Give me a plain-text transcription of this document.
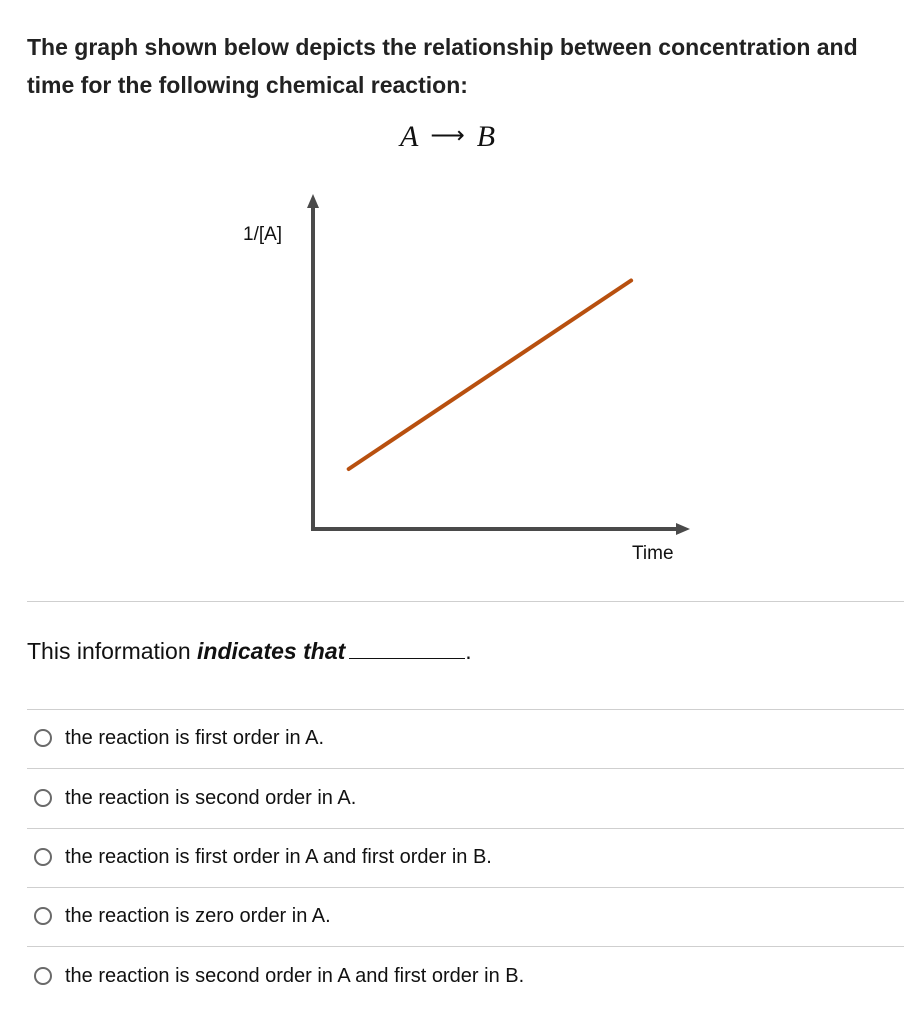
The graph shown below depicts the relationship between concentration and time for the following chemical reaction:
A ⟶ B
1/[A]
Time
This information indicates that	.
the reaction is first order in A.
the reaction is second order in A.
the reaction is first order in A and first order in B.
the reaction is zero order in A.
the reaction is second order in A and first order in B.
